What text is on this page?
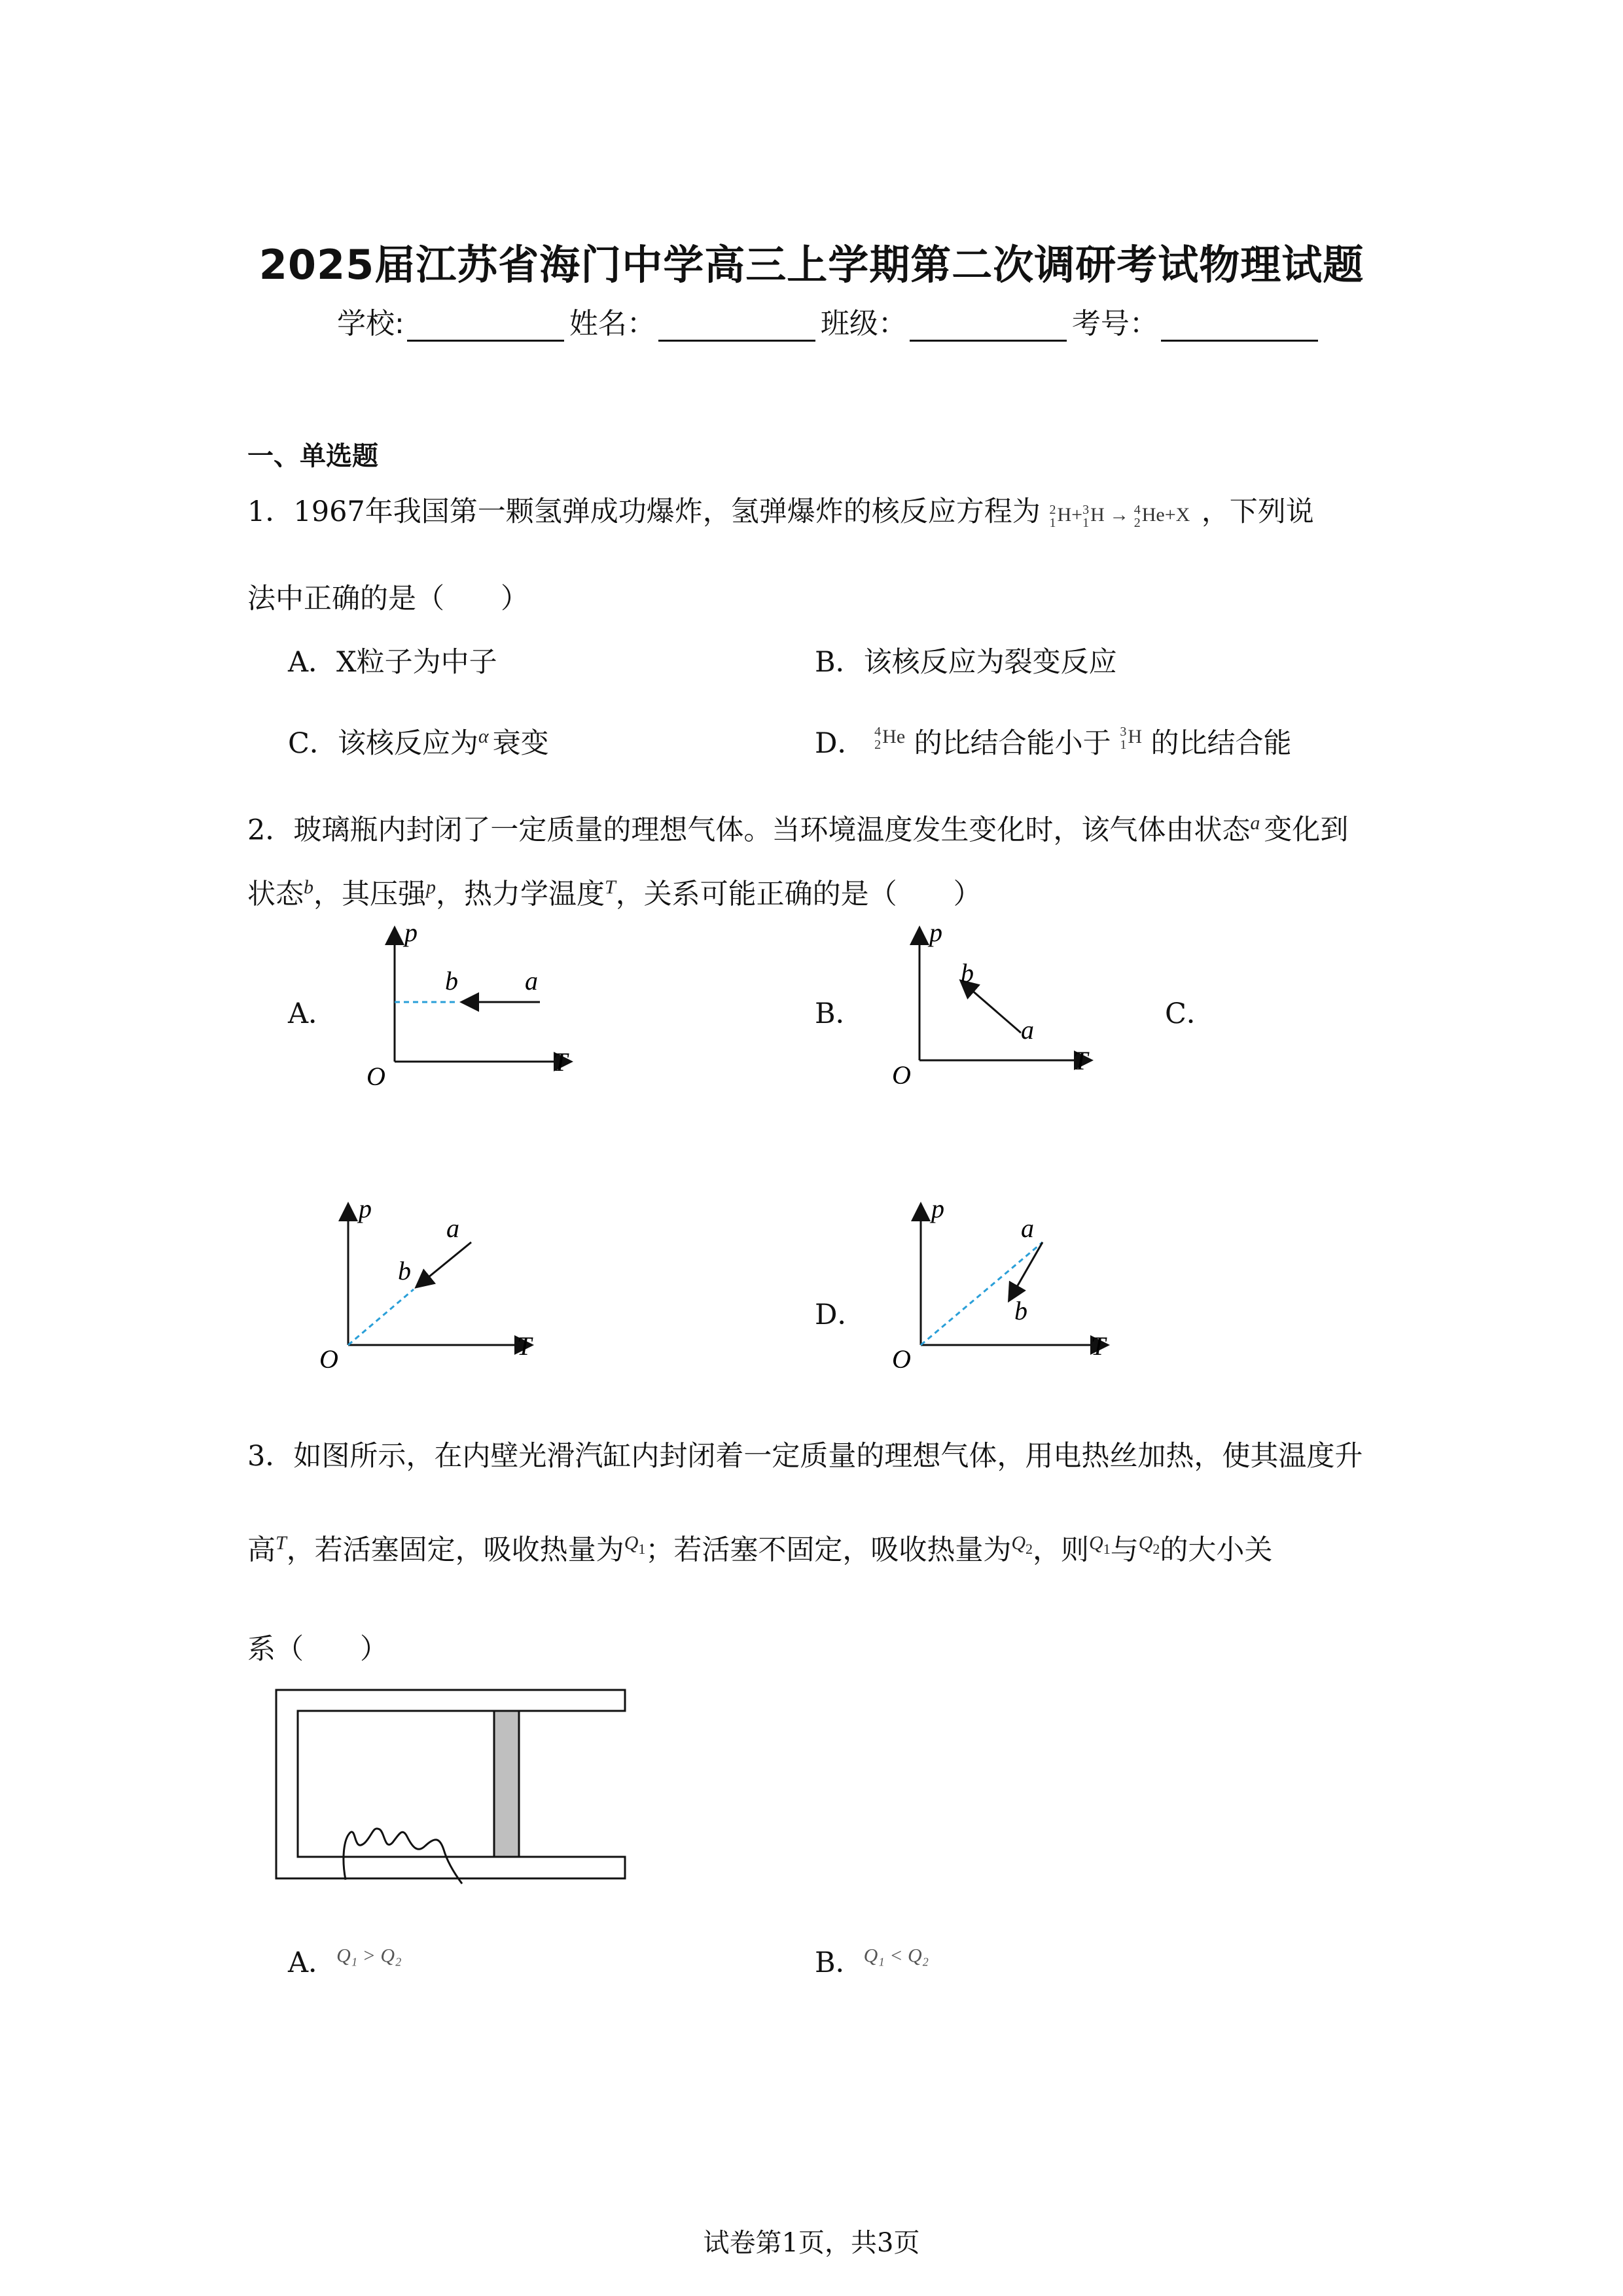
2025届江苏省海门中学高三上学期第二次调研考试物理试题
学校:	姓名：	班级：	考号：
一、单选题
1．1967年我国第一颗氢弹成功爆炸，氢弹爆炸的核反应方程为 2
1 H+ 3
1 H → 4
2 He+X ，下列说
法中正确的是（　　）
A．X粒子为中子	B．该核反应为裂变反应
C．该核反应为$^\alpha$ 衰变	D． $^{4 2 He}$ 的比结合能小于 $^{3 1 H}$ 的比结合能
2．玻璃瓶内封闭了一定质量的理想气体。当环境温度发生变化时，该气体由状态$^a$ 变化到
状态$^b$，其压强$^p$，热力学温度$^T$，关系可能正确的是（　　）
A．	B．	C．
D．
p
T
O
b	a
p
T
O
b
a
p
T
O
b
a
p
T
O
b
a
3．如图所示，在内壁光滑汽缸内封闭着一定质量的理想气体，用电热丝加热，使其温度升
高$^T$，若活塞固定，吸收热量为$^{Q_1}$；若活塞不固定，吸收热量为$^{Q_2}$，则$^{Q_1}$与$^{Q_2}$的大小关
系（　　）
A．$^{Q_1 > Q_2}$	B．$^{Q_1 < Q_2}$
试卷第1页，共3页
